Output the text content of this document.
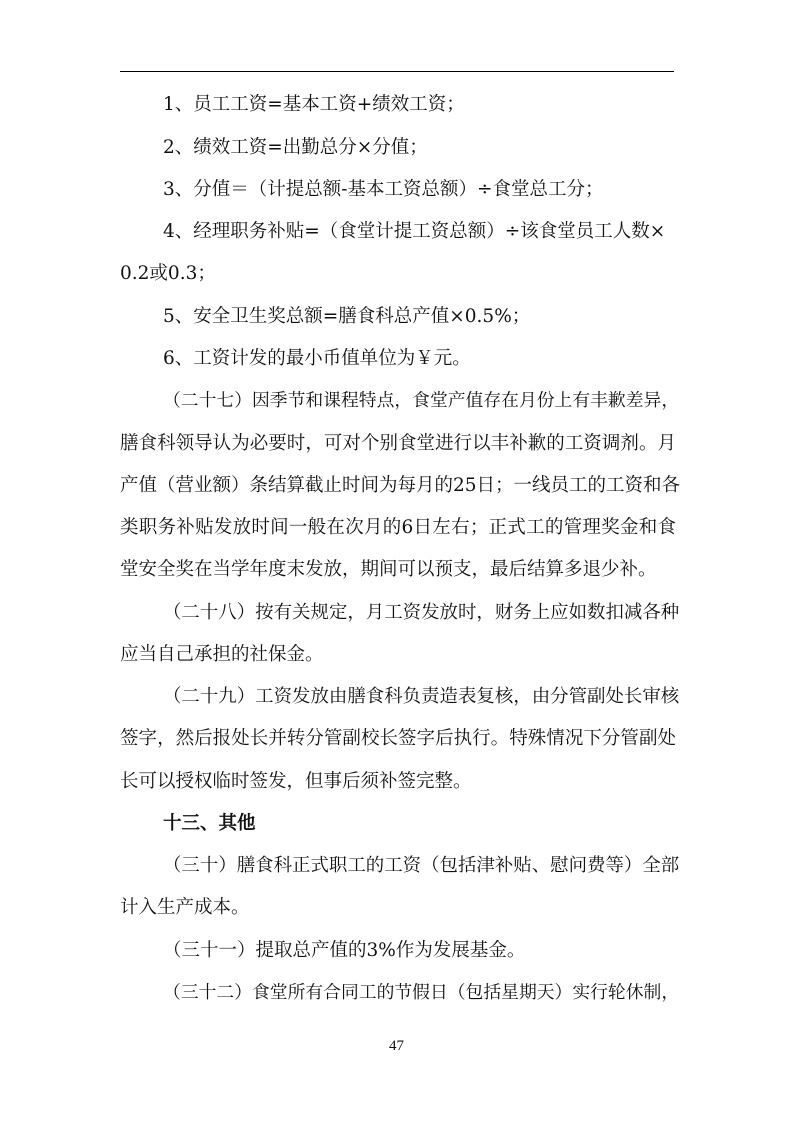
1、员工工资=基本工资+绩效工资；
2、绩效工资=出勤总分×分值；
3、分值＝（计提总额-基本工资总额）÷食堂总工分；
4、经理职务补贴=（食堂计提工资总额）÷该食堂员工人数×
0.2或0.3；
5、安全卫生奖总额=膳食科总产值×0.5%；
6、工资计发的最小币值单位为￥元。
（二十七）因季节和课程特点，食堂产值存在月份上有丰歉差异，
膳食科领导认为必要时，可对个别食堂进行以丰补歉的工资调剂。月
产值（营业额）条结算截止时间为每月的25日；一线员工的工资和各
类职务补贴发放时间一般在次月的6日左右；正式工的管理奖金和食
堂安全奖在当学年度末发放，期间可以预支，最后结算多退少补。
（二十八）按有关规定，月工资发放时，财务上应如数扣减各种
应当自己承担的社保金。
（二十九）工资发放由膳食科负责造表复核，由分管副处长审核
签字，然后报处长并转分管副校长签字后执行。特殊情况下分管副处
长可以授权临时签发，但事后须补签完整。
十三、其他
（三十）膳食科正式职工的工资（包括津补贴、慰问费等）全部
计入生产成本。
（三十一）提取总产值的3%作为发展基金。
（三十二）食堂所有合同工的节假日（包括星期天）实行轮休制，
47
